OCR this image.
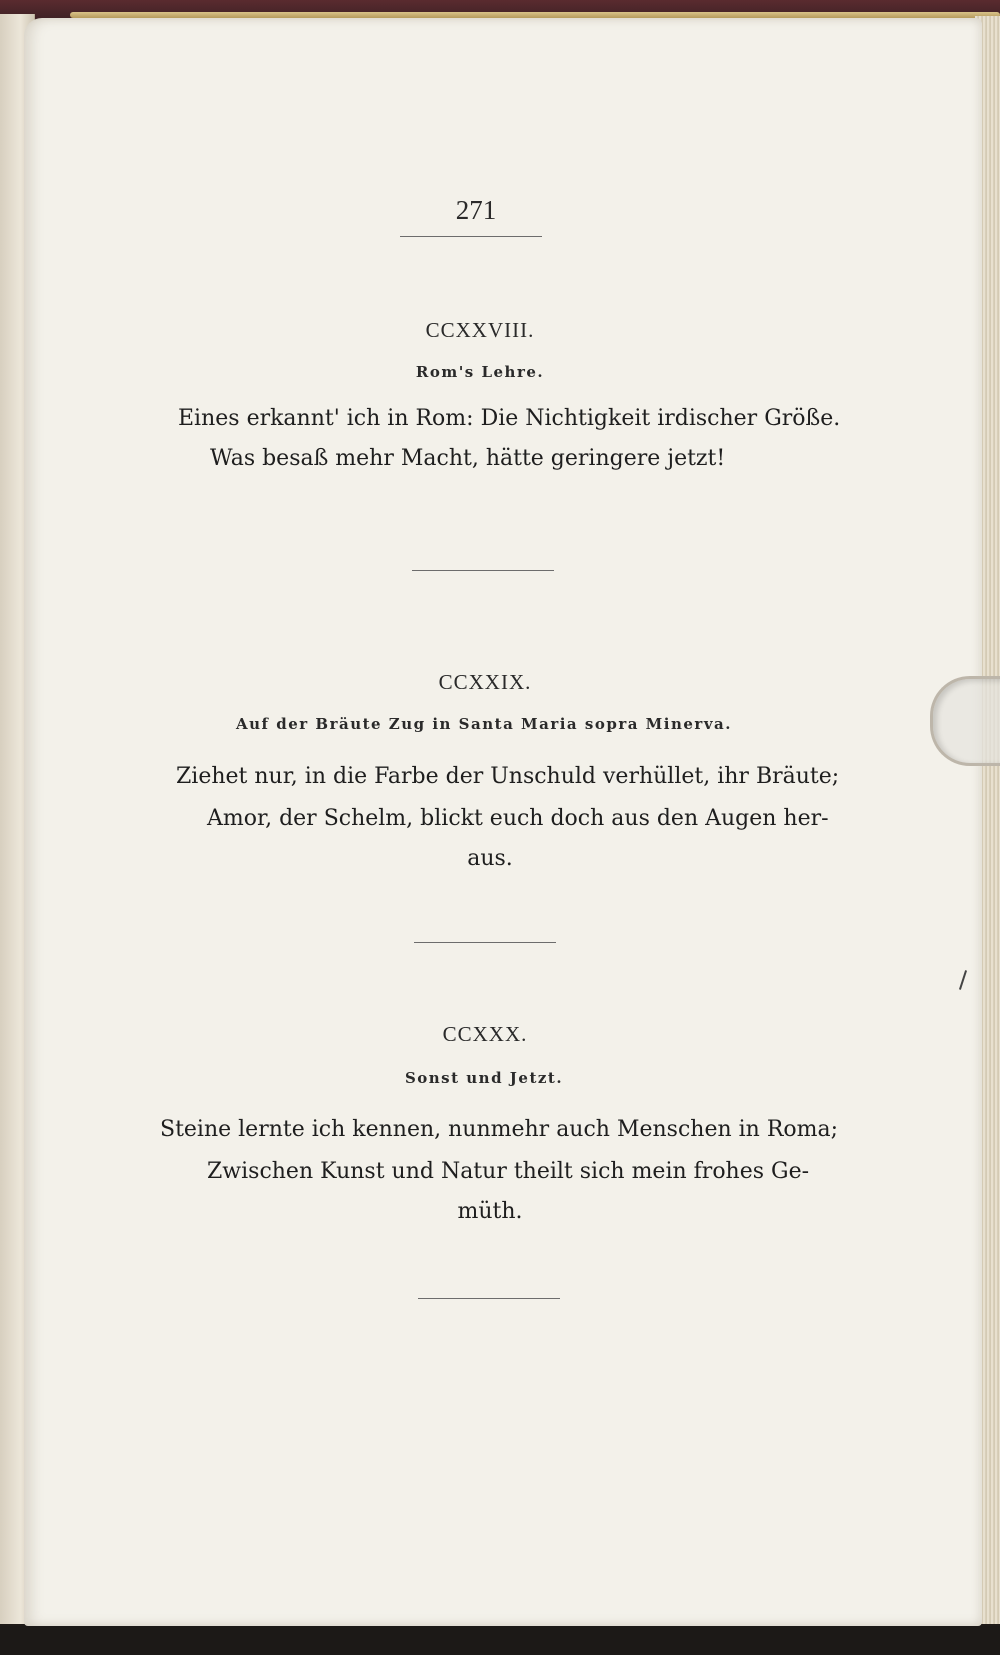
271
CCXXVIII.
Rom's Lehre.
Eines erkannt' ich in Rom: Die Nichtigkeit irdischer Größe.
Was besaß mehr Macht, hätte geringere jetzt!
CCXXIX.
Auf der Bräute Zug in Santa Maria sopra Minerva.
Ziehet nur, in die Farbe der Unschuld verhüllet, ihr Bräute;
Amor, der Schelm, blickt euch doch aus den Augen her-
aus.
CCXXX.
Sonst und Jetzt.
Steine lernte ich kennen, nunmehr auch Menschen in Roma;
Zwischen Kunst und Natur theilt sich mein frohes Ge-
müth.
